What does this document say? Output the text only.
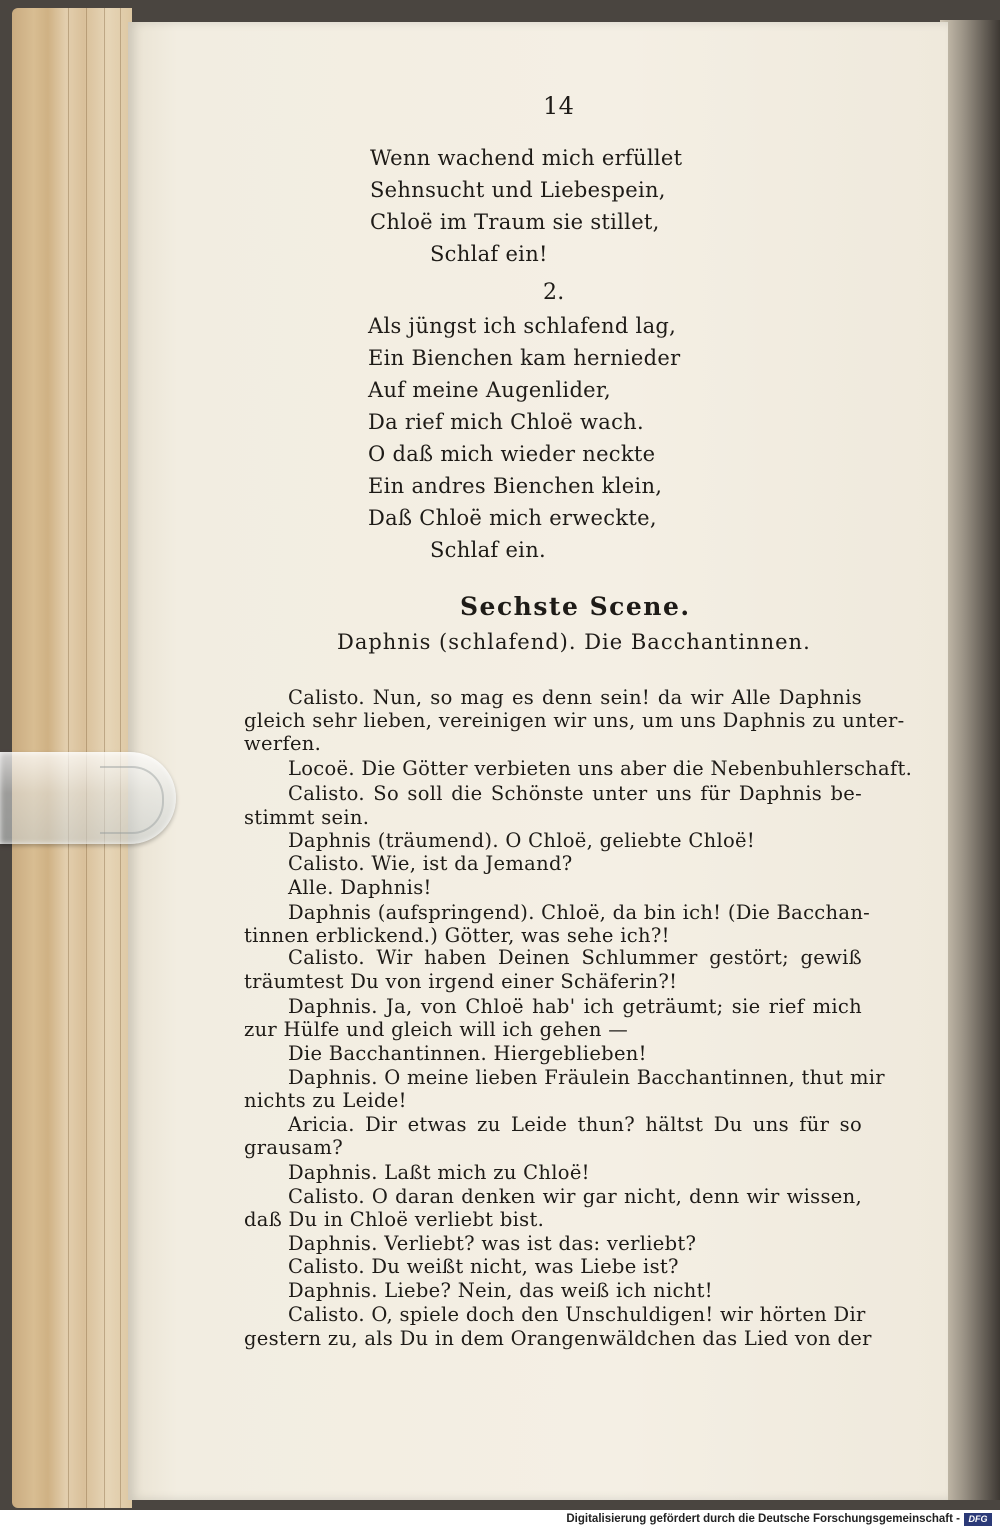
14
Wenn wachend mich erfüllet
Sehnsucht und Liebespein,
Chloë im Traum sie stillet,
Schlaf ein!
2.
Als jüngst ich schlafend lag,
Ein Bienchen kam hernieder
Auf meine Augenlider,
Da rief mich Chloë wach.
O daß mich wieder neckte
Ein andres Bienchen klein,
Daß Chloë mich erweckte,
Schlaf ein.
Sechste Scene.
Daphnis (schlafend). Die Bacchantinnen.
Calisto. Nun, so mag es denn sein! da wir Alle Daphnis
gleich sehr lieben, vereinigen wir uns, um uns Daphnis zu unter-
werfen.
Locoë. Die Götter verbieten uns aber die Nebenbuhlerschaft.
Calisto. So soll die Schönste unter uns für Daphnis be-
stimmt sein.
Daphnis (träumend). O Chloë, geliebte Chloë!
Calisto. Wie, ist da Jemand?
Alle. Daphnis!
Daphnis (aufspringend). Chloë, da bin ich! (Die Bacchan-
tinnen erblickend.) Götter, was sehe ich?!
Calisto. Wir haben Deinen Schlummer gestört; gewiß
träumtest Du von irgend einer Schäferin?!
Daphnis. Ja, von Chloë hab' ich geträumt; sie rief mich
zur Hülfe und gleich will ich gehen —
Die Bacchantinnen. Hiergeblieben!
Daphnis. O meine lieben Fräulein Bacchantinnen, thut mir
nichts zu Leide!
Aricia. Dir etwas zu Leide thun? hältst Du uns für so
grausam?
Daphnis. Laßt mich zu Chloë!
Calisto. O daran denken wir gar nicht, denn wir wissen,
daß Du in Chloë verliebt bist.
Daphnis. Verliebt? was ist das: verliebt?
Calisto. Du weißt nicht, was Liebe ist?
Daphnis. Liebe? Nein, das weiß ich nicht!
Calisto. O, spiele doch den Unschuldigen! wir hörten Dir
gestern zu, als Du in dem Orangenwäldchen das Lied von der
Digitalisierung gefördert durch die Deutsche Forschungsgemeinschaft - DFG
